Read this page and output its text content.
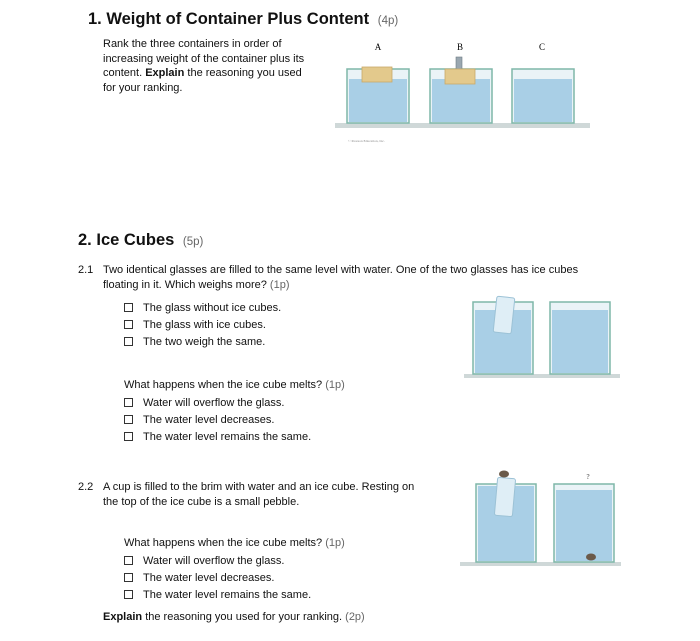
1. Weight of Container Plus Content (4p)
Rank the three containers in order of
increasing weight of the container plus its
content. Explain the reasoning you used
for your ranking.
A	B	C
© Pearson Education, Inc.
2. Ice Cubes (5p)
2.1 Two identical glasses are filled to the same level with water. One of the two glasses has ice cubes
floating in it. Which weighs more? (1p)
The glass without ice cubes.
The glass with ice cubes.
The two weigh the same.
What happens when the ice cube melts? (1p)
Water will overflow the glass.
The water level decreases.
The water level remains the same.
2.2 A cup is filled to the brim with water and an ice cube. Resting on
the top of the ice cube is a small pebble.
?
What happens when the ice cube melts? (1p)
Water will overflow the glass.
The water level decreases.
The water level remains the same.
Explain the reasoning you used for your ranking. (2p)
